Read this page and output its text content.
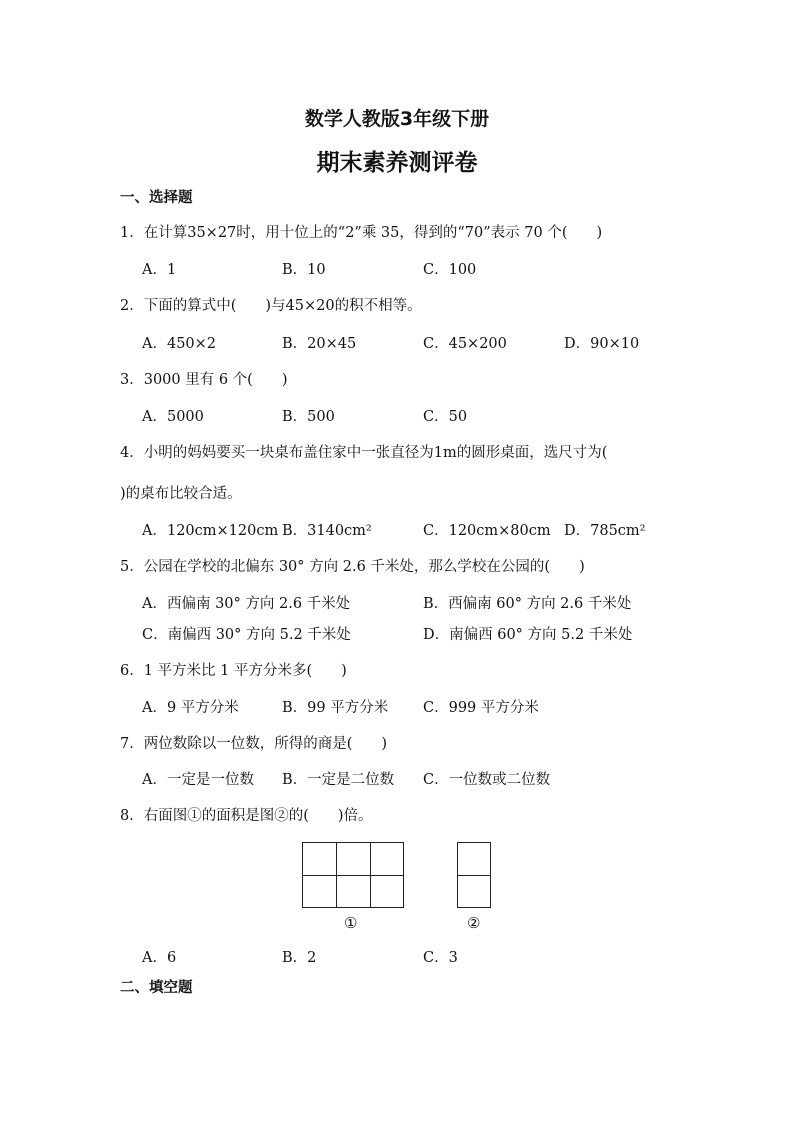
数学人教版3年级下册
期末素养测评卷
一、选择题
1．在计算35×27时，用十位上的“2”乘 35，得到的“70”表示 70 个(　　)
A．1	B．10	C．100
2．下面的算式中(　　)与45×20的积不相等。
A．450×2	B．20×45	C．45×200	D．90×10
3．3000 里有 6 个(　　)
A．5000	B．500	C．50
4．小明的妈妈要买一块桌布盖住家中一张直径为1m的圆形桌面，选尺寸为(
)的桌布比较合适。
A．120cm×120cm B．3140cm²	C．120cm×80cm D．785cm²
5．公园在学校的北偏东 30° 方向 2.6 千米处，那么学校在公园的(　　)
A．西偏南 30° 方向 2.6 千米处	B．西偏南 60° 方向 2.6 千米处
C．南偏西 30° 方向 5.2 千米处	D．南偏西 60° 方向 5.2 千米处
6．1 平方米比 1 平方分米多(　　)
A．9 平方分米	B．99 平方分米 C．999 平方分米
7．两位数除以一位数，所得的商是(　　)
A．一定是一位数 B．一定是二位数 C．一位数或二位数
8．右面图①的面积是图②的(　　)倍。
①	②
A．6	B．2	C．3
二、填空题
